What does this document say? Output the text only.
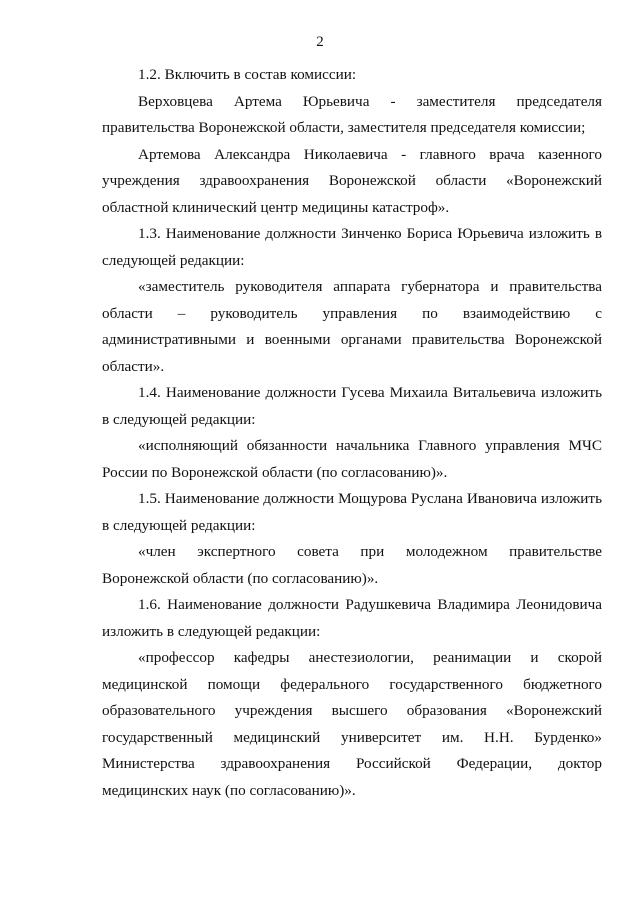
2

1.2. Включить в состав комиссии:

Верховцева Артема Юрьевича - заместителя председателя правительства Воронежской области, заместителя председателя комиссии;

Артемова Александра Николаевича - главного врача казенного учреждения здравоохранения Воронежской области «Воронежский областной клинический центр медицины катастроф».

1.3. Наименование должности Зинченко Бориса Юрьевича изложить в следующей редакции:

«заместитель руководителя аппарата губернатора и правительства области – руководитель управления по взаимодействию с административными и военными органами правительства Воронежской области».

1.4. Наименование должности Гусева Михаила Витальевича изложить в следующей редакции:

«исполняющий обязанности начальника Главного управления МЧС России по Воронежской области (по согласованию)».

1.5. Наименование должности Мощурова Руслана Ивановича изложить в следующей редакции:

«член экспертного совета при молодежном правительстве Воронежской области (по согласованию)».

1.6. Наименование должности Радушкевича Владимира Леонидовича изложить в следующей редакции:

«профессор кафедры анестезиологии, реанимации и скорой медицинской помощи федерального государственного бюджетного образовательного учреждения высшего образования «Воронежский государственный медицинский университет им. Н.Н. Бурденко» Министерства здравоохранения Российской Федерации, доктор медицинских наук (по согласованию)».
